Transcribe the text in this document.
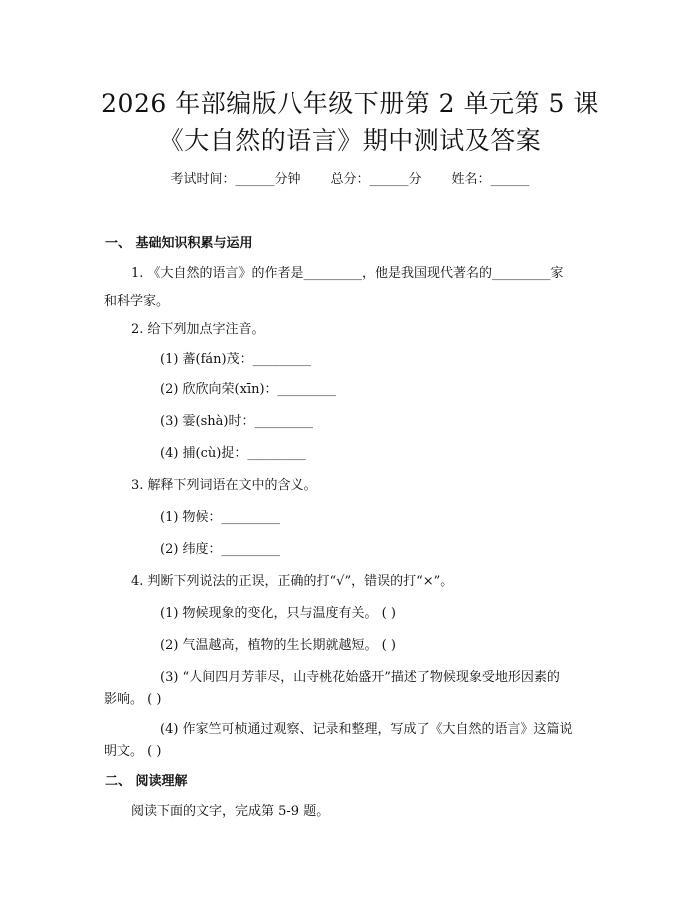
2026 年部编版八年级下册第 2 单元第 5 课
《大自然的语言》期中测试及答案
考试时间：______分钟 总分：______分 姓名：______
一、 基础知识积累与运用
1. 《大自然的语言》的作者是_________，他是我国现代著名的_________家
和科学家。
2. 给下列加点字注音。
(1) 蕃(fán)茂：_________
(2) 欣欣向荣(xīn)：_________
(3) 霎(shà)时：_________
(4) 捕(cù)捉：_________
3. 解释下列词语在文中的含义。
(1) 物候：_________
(2) 纬度：_________
4. 判断下列说法的正误，正确的打“√”，错误的打“×”。
(1) 物候现象的变化，只与温度有关。 ( )
(2) 气温越高，植物的生长期就越短。 ( )
(3) “人间四月芳菲尽，山寺桃花始盛开”描述了物候现象受地形因素的
影响。 ( )
(4) 作家竺可桢通过观察、记录和整理，写成了《大自然的语言》这篇说
明文。 ( )
二、 阅读理解
阅读下面的文字，完成第 5-9 题。
